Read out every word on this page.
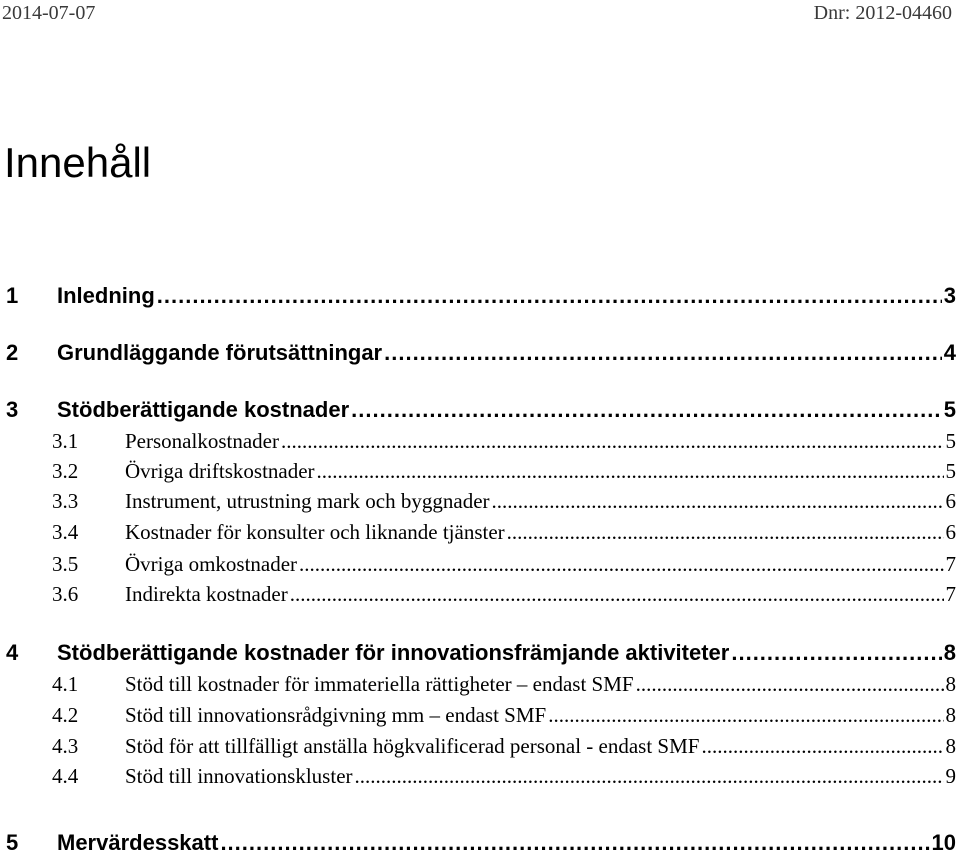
2014-07-07	Dnr: 2012-04460
Innehåll
1	Inledning .....	3
2	Grundläggande förutsättningar .....	4
3	Stödberättigande kostnader .....	5
3.1	Personalkostnader .....	5
3.2	Övriga driftskostnader .....	5
3.3	Instrument, utrustning mark och byggnader .....	6
3.4	Kostnader för konsulter och liknande tjänster .....	6
3.5	Övriga omkostnader .....	7
3.6	Indirekta kostnader .....	7
4	Stödberättigande kostnader för innovationsfrämjande aktiviteter .....	8
4.1	Stöd till kostnader för immateriella rättigheter – endast SMF .....	8
4.2	Stöd till innovationsrådgivning mm – endast SMF .....	8
4.3	Stöd för att tillfälligt anställa högkvalificerad personal - endast SMF .....	8
4.4	Stöd till innovationskluster .....	9
5	Mervärdesskatt .....	10
